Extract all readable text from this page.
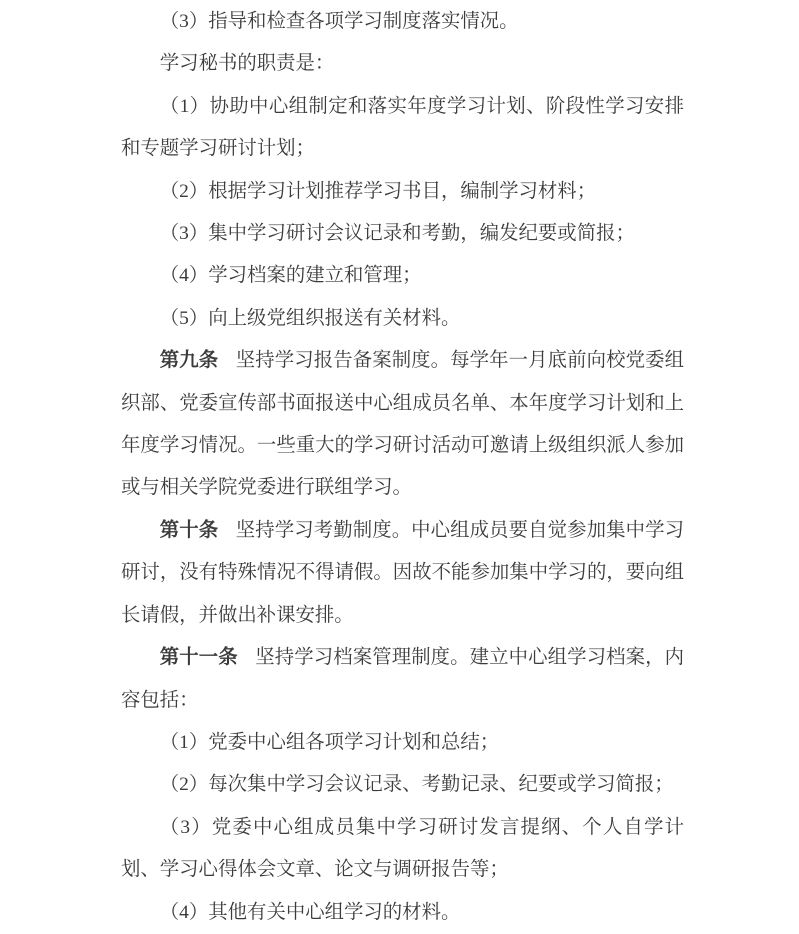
（3）指导和检查各项学习制度落实情况。

学习秘书的职责是：

（1）协助中心组制定和落实年度学习计划、阶段性学习安排和专题学习研讨计划；

（2）根据学习计划推荐学习书目，编制学习材料；

（3）集中学习研讨会议记录和考勤，编发纪要或简报；

（4）学习档案的建立和管理；

（5）向上级党组织报送有关材料。

第九条 坚持学习报告备案制度。每学年一月底前向校党委组织部、党委宣传部书面报送中心组成员名单、本年度学习计划和上年度学习情况。一些重大的学习研讨活动可邀请上级组织派人参加或与相关学院党委进行联组学习。

第十条 坚持学习考勤制度。中心组成员要自觉参加集中学习研讨，没有特殊情况不得请假。因故不能参加集中学习的，要向组长请假，并做出补课安排。

第十一条 坚持学习档案管理制度。建立中心组学习档案，内容包括：

（1）党委中心组各项学习计划和总结；

（2）每次集中学习会议记录、考勤记录、纪要或学习简报；

（3）党委中心组成员集中学习研讨发言提纲、个人自学计划、学习心得体会文章、论文与调研报告等；

（4）其他有关中心组学习的材料。
